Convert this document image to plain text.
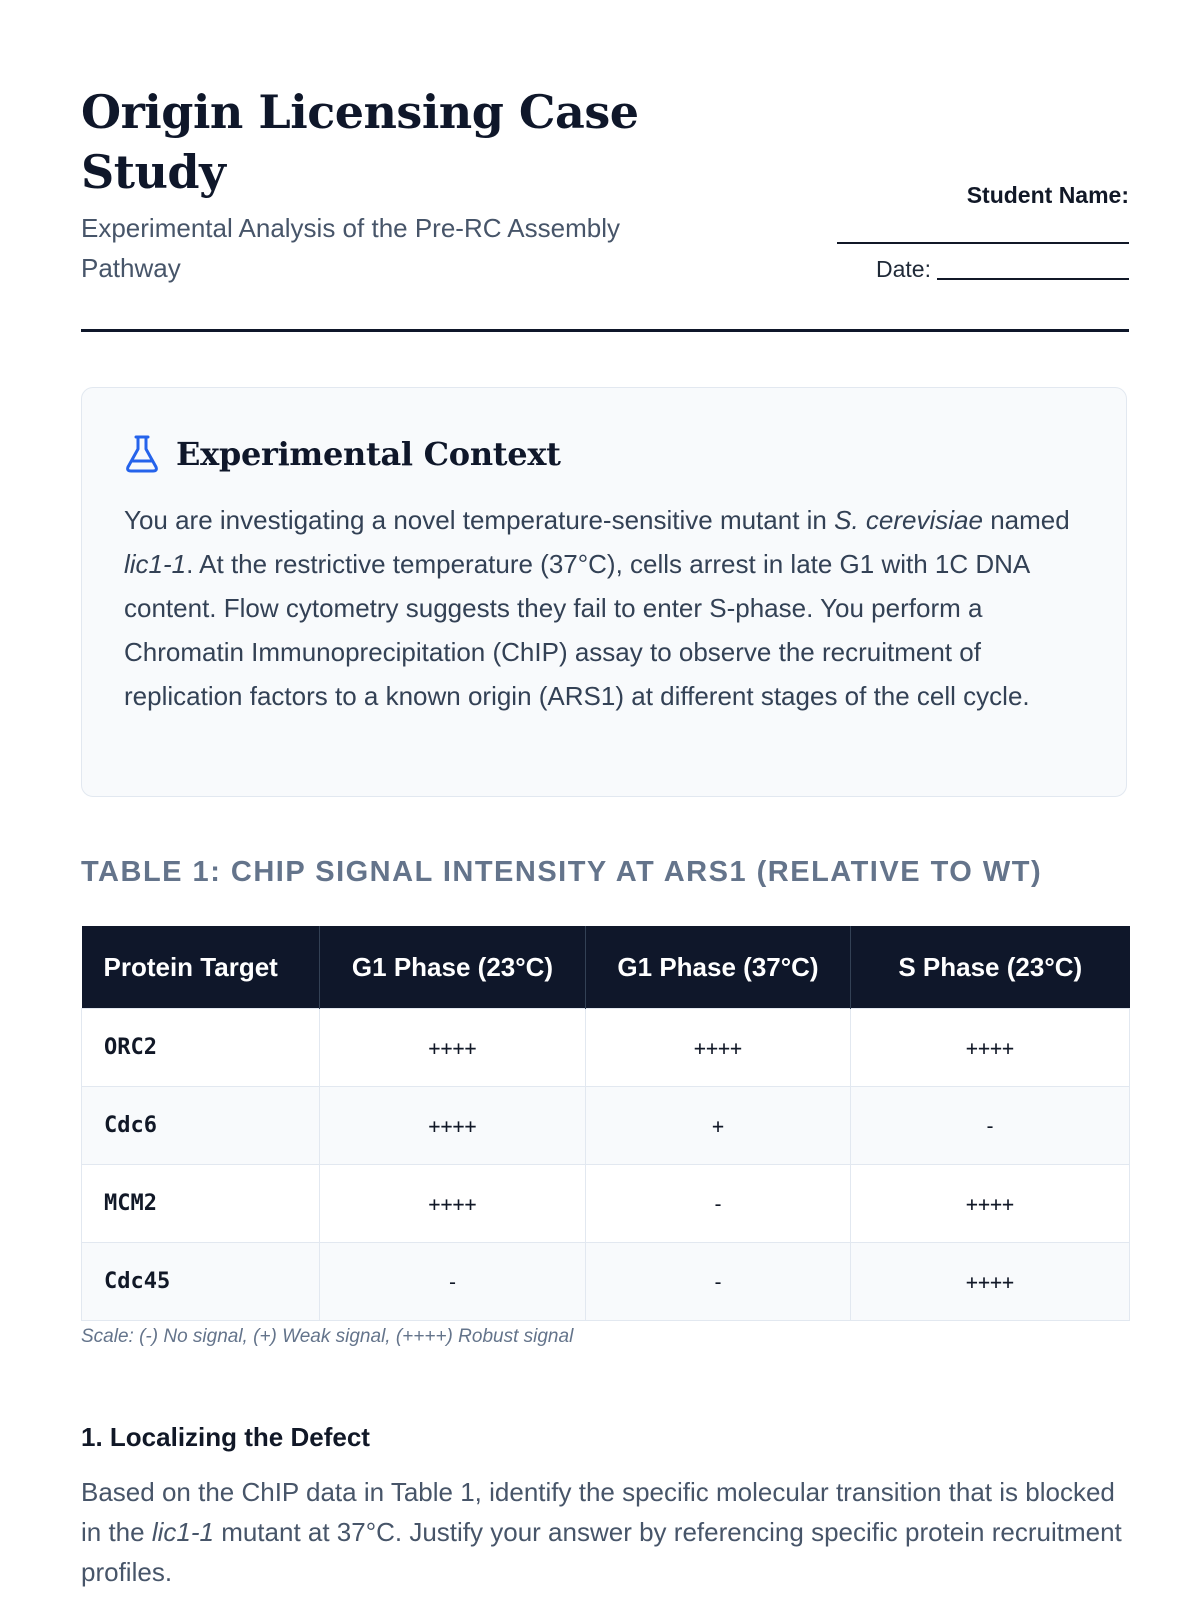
Origin Licensing Case Study
Experimental Analysis of the Pre-RC Assembly Pathway
Student Name:
Date:
Experimental Context
You are investigating a novel temperature-sensitive mutant in S. cerevisiae named lic1-1. At the restrictive temperature (37°C), cells arrest in late G1 with 1C DNA content. Flow cytometry suggests they fail to enter S-phase. You perform a Chromatin Immunoprecipitation (ChIP) assay to observe the recruitment of replication factors to a known origin (ARS1) at different stages of the cell cycle.
TABLE 1: CHIP SIGNAL INTENSITY AT ARS1 (RELATIVE TO WT)
Protein Target	G1 Phase (23°C)	G1 Phase (37°C)	S Phase (23°C)
ORC2	++++	++++	++++
Cdc6	++++	+	-
MCM2	++++	-	++++
Cdc45	-	-	++++
Scale: (-) No signal, (+) Weak signal, (++++) Robust signal
1. Localizing the Defect
Based on the ChIP data in Table 1, identify the specific molecular transition that is blocked in the lic1-1 mutant at 37°C. Justify your answer by referencing specific protein recruitment profiles.
